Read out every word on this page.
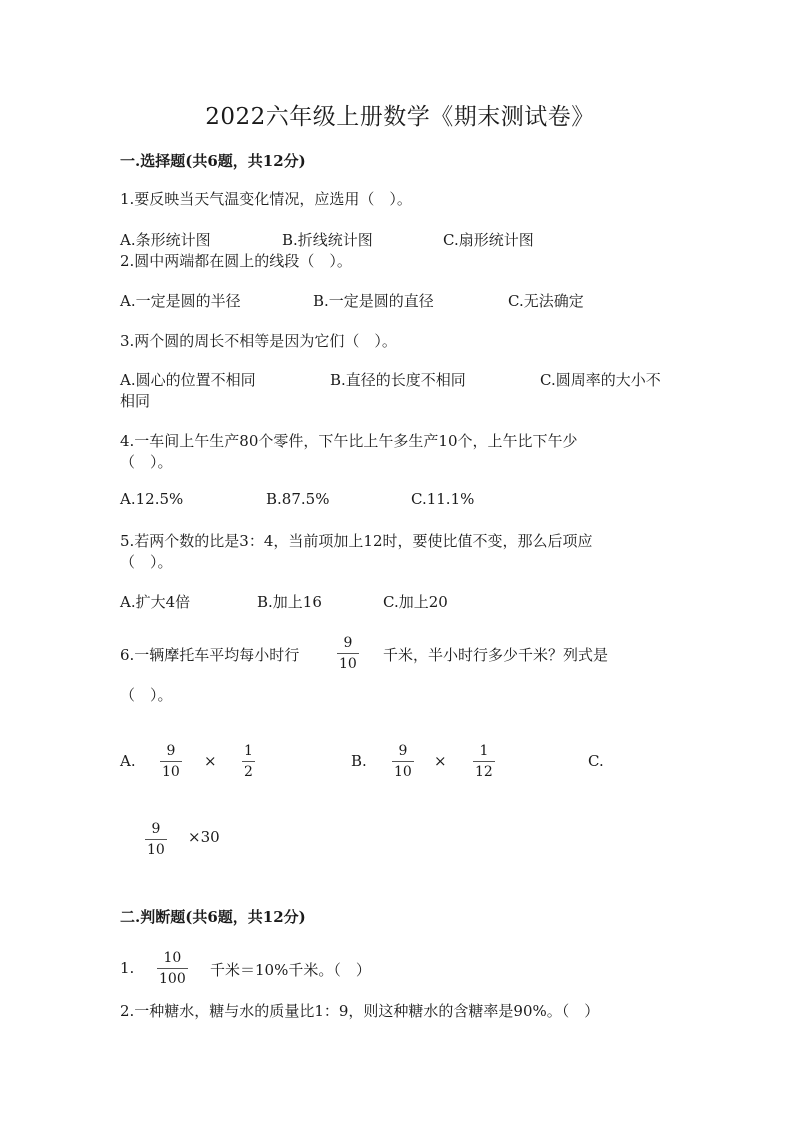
2022六年级上册数学《期末测试卷》
一.选择题(共6题，共12分)
1.要反映当天气温变化情况，应选用（　）。
A.条形统计图	B.折线统计图	C.扇形统计图
2.圆中两端都在圆上的线段（　）。
A.一定是圆的半径	B.一定是圆的直径	C.无法确定
3.两个圆的周长不相等是因为它们（　）。
A.圆心的位置不相同	B.直径的长度不相同	C.圆周率的大小不
相同
4.一车间上午生产80个零件，下午比上午多生产10个，上午比下午少
（　）。
A.12.5%	B.87.5%	C.11.1%
5.若两个数的比是3：4，当前项加上12时，要使比值不变，那么后项应
（　）。
A.扩大4倍	B.加上16	C.加上20
6.一辆摩托车平均每小时行
9
10 千米，半小时行多少千米？列式是
（　）。
A.
9
10
×
1
2
B.
9
10
×
1
12
C.
9
10
×30
二.判断题(共6题，共12分)
1.
10
100 千米＝10%千米。（　）
2.一种糖水，糖与水的质量比1：9，则这种糖水的含糖率是90%。（　）
